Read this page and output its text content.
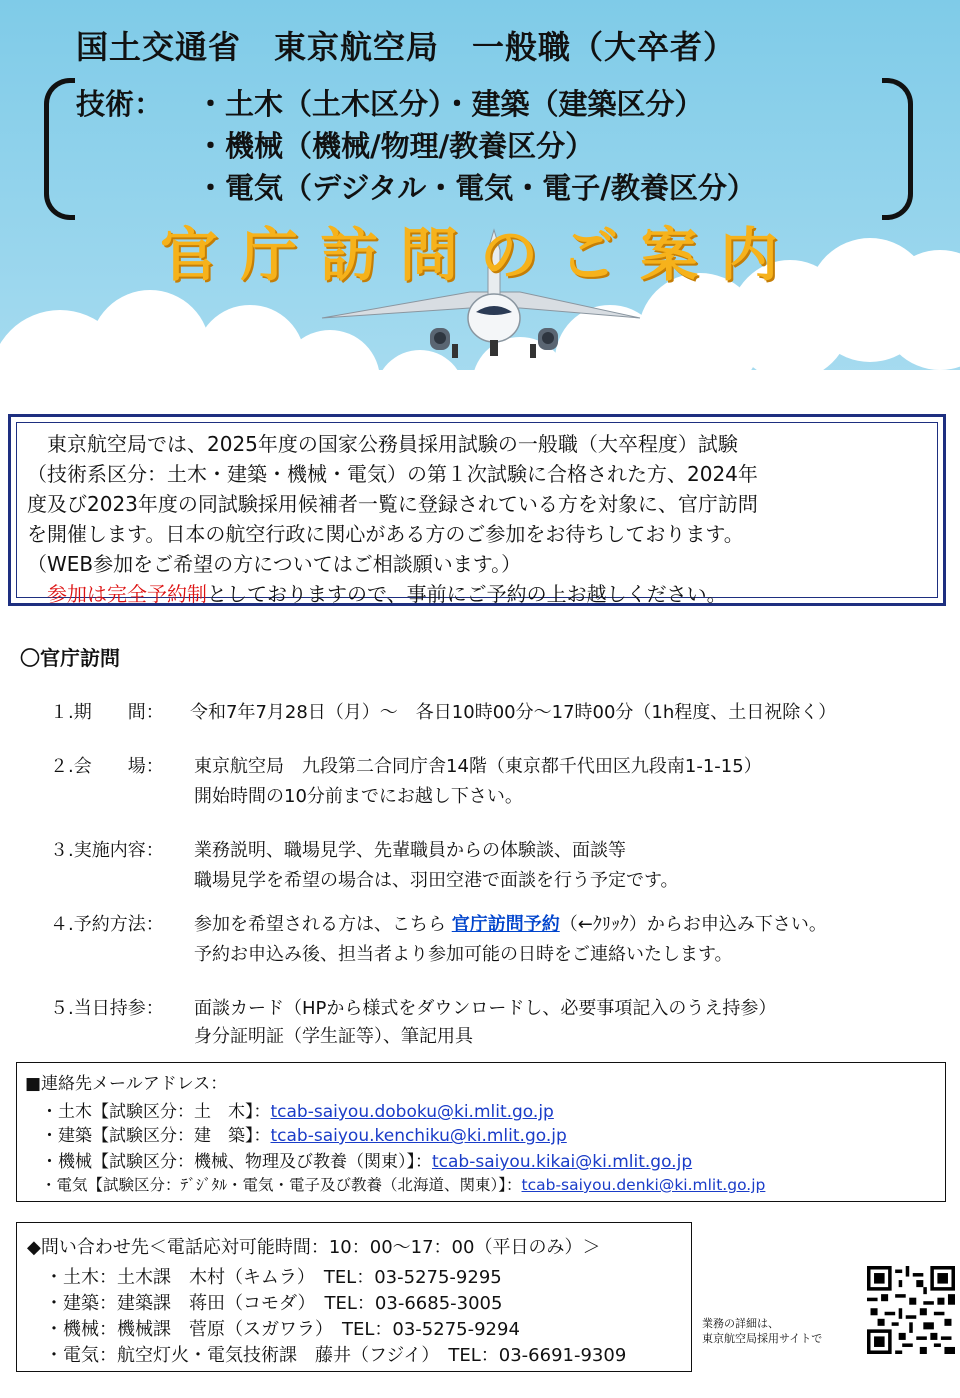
国土交通省　東京航空局　一般職（大卒者）
技術： ・土木（土木区分）・建築（建築区分）
・機械（機械/物理/教養区分）
・電気（デジタル・電気・電子/教養区分）
官庁訪問のご案内
　東京航空局では、2025年度の国家公務員採用試験の一般職（大卒程度）試験
（技術系区分：土木・建築・機械・電気）の第１次試験に合格された方、2024年
度及び2023年度の同試験採用候補者一覧に登録されている方を対象に、官庁訪問
を開催します。日本の航空行政に関心がある方のご参加をお待ちしております。
（WEB参加をご希望の方についてはご相談願います。）
参加は完全予約制としておりますので、事前にご予約の上お越しください。
〇官庁訪問
１.期　　間： 令和7年7月28日（月）～　各日10時00分～17時00分（1h程度、土日祝除く）
２.会　　場： 東京航空局　九段第二合同庁舎14階（東京都千代田区九段南1-1-15）
開始時間の10分前までにお越し下さい。
３.実施内容： 業務説明、職場見学、先輩職員からの体験談、面談等
職場見学を希望の場合は、羽田空港で面談を行う予定です。
４.予約方法： 参加を希望される方は、こちら 官庁訪問予約（←ｸﾘｯｸ）からお申込み下さい。
予約お申込み後、担当者より参加可能の日時をご連絡いたします。
５.当日持参： 面談カード（HPから様式をダウンロードし、必要事項記入のうえ持参）
身分証明証（学生証等）、筆記用具
■連絡先メールアドレス：
・土木【試験区分：土　木】：tcab-saiyou.doboku@ki.mlit.go.jp
・建築【試験区分：建　築】：tcab-saiyou.kenchiku@ki.mlit.go.jp
・機械【試験区分：機械、物理及び教養（関東）】：tcab-saiyou.kikai@ki.mlit.go.jp
・電気【試験区分：ﾃﾞｼﾞﾀﾙ・電気・電子及び教養（北海道、関東）】：tcab-saiyou.denki@ki.mlit.go.jp
◆問い合わせ先＜電話応対可能時間：10：00～17：00（平日のみ）＞
・土木：土木課　木村（キムラ）　TEL：03-5275-9295
・建築：建築課　蒋田（コモダ）　TEL：03-6685-3005
・機械：機械課　菅原（スガワラ）　TEL：03-5275-9294
・電気：航空灯火・電気技術課　藤井（フジイ）　TEL：03-6691-9309
業務の詳細は、
東京航空局採用サイトで
